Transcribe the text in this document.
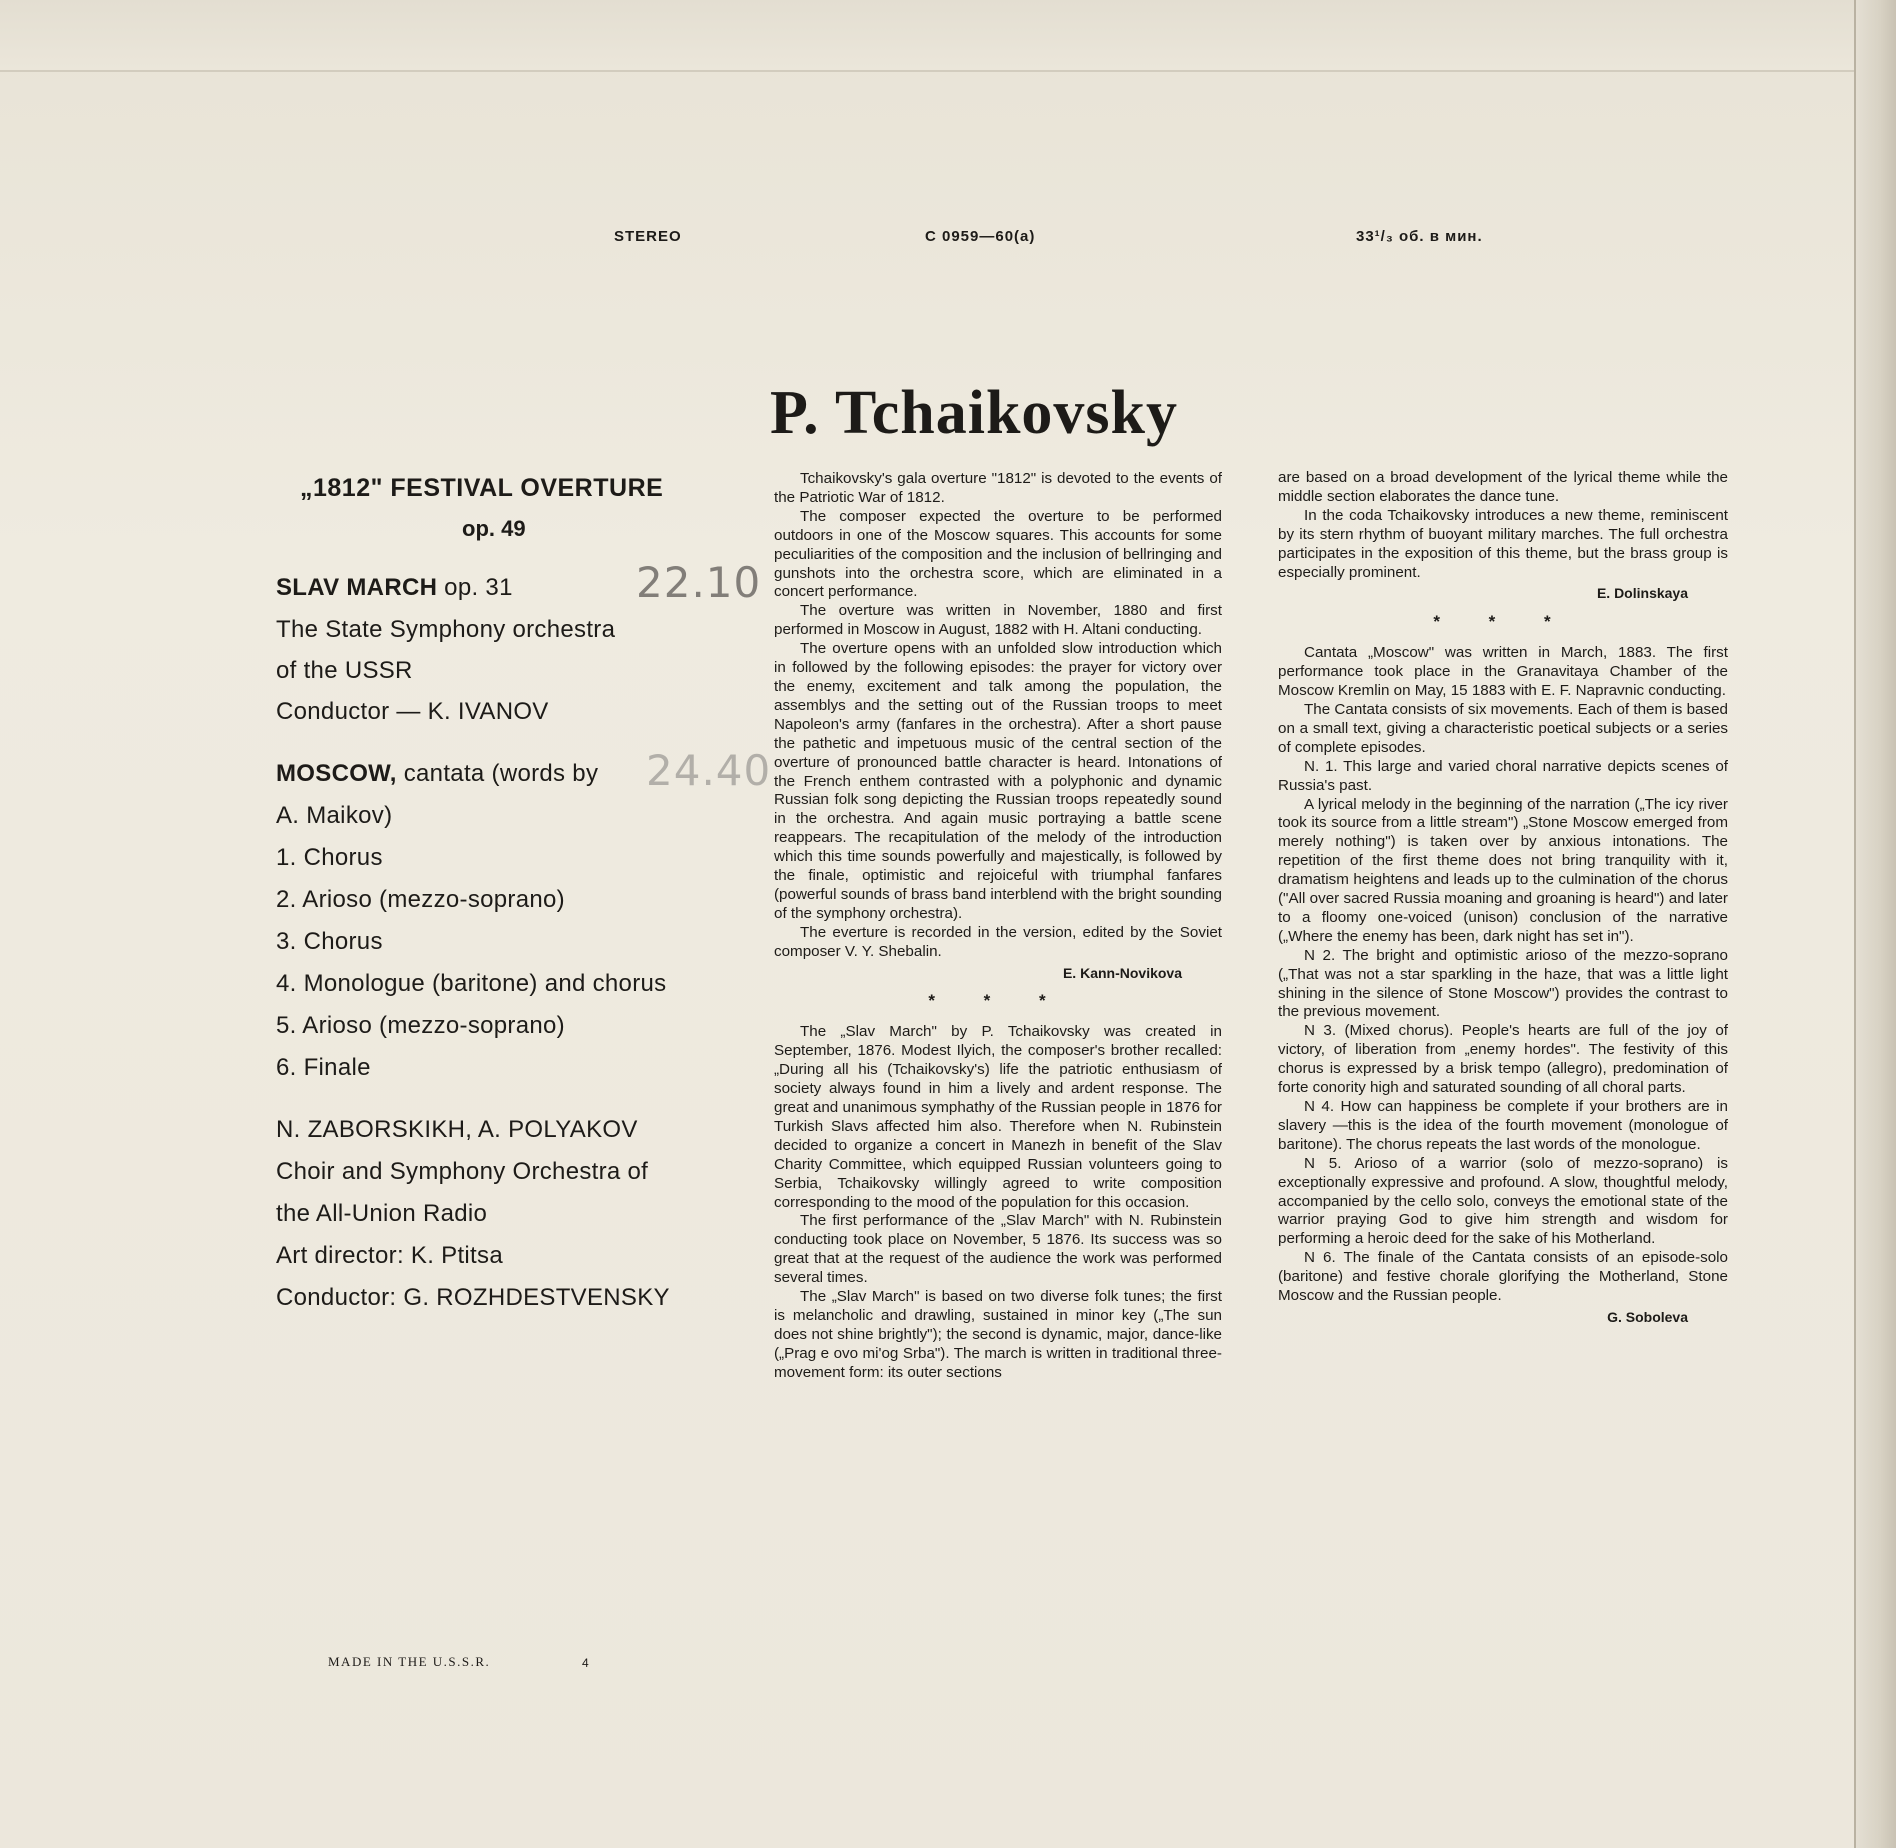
STEREO	С 0959—60(а)	33¹/₃ об. в мин.
P. Tchaikovsky
„1812" FESTIVAL OVERTURE
op. 49
SLAV MARCH op. 31	22.10
The State Symphony orchestra
of the USSR
Conductor — K. IVANOV
MOSCOW, cantata (words by 24.40
A. Maikov)
1. Chorus
2. Arioso (mezzo-soprano)
3. Chorus
4. Monologue (baritone) and chorus
5. Arioso (mezzo-soprano)
6. Finale
N. ZABORSKIKH, A. POLYAKOV
Choir and Symphony Orchestra of
the All-Union Radio
Art director: K. Ptitsa
Conductor: G. ROZHDESTVENSKY

Tchaikovsky's gala overture "1812" is devoted to the events of the Patriotic War of 1812.

The composer expected the overture to be performed outdoors in one of the Moscow squares. This accounts for some peculiarities of the composition and the inclusion of bellringing and gunshots into the orchestra score, which are eliminated in a concert performance.

The overture was written in November, 1880 and first performed in Moscow in August, 1882 with H. Altani conducting.

The overture opens with an unfolded slow introduction which in followed by the following episodes: the prayer for victory over the enemy, excitement and talk among the population, the assemblys and the setting out of the Russian troops to meet Napoleon's army (fanfares in the orchestra). After a short pause the pathetic and impetuous music of the central section of the overture of pronounced battle character is heard. Intonations of the French enthem contrasted with a polyphonic and dynamic Russian folk song depicting the Russian troops repeatedly sound in the orchestra. And again music portraying a battle scene reappears. The recapitulation of the melody of the introduction which this time sounds powerfully and majestically, is followed by the finale, optimistic and rejoiceful with triumphal fanfares (powerful sounds of brass band interblend with the bright sounding of the symphony orchestra).

The everture is recorded in the version, edited by the Soviet composer V. Y. Shebalin.

E. Kann-Novikova
* * *

The „Slav March" by P. Tchaikovsky was created in September, 1876. Modest Ilyich, the composer's brother recalled: „During all his (Tchaikovsky's) life the patriotic enthusiasm of society always found in him a lively and ardent response. The great and unanimous symphathy of the Russian people in 1876 for Turkish Slavs affected him also. Therefore when N. Rubinstein decided to organize a concert in Manezh in benefit of the Slav Charity Committee, which equipped Russian volunteers going to Serbia, Tchaikovsky willingly agreed to write composition corresponding to the mood of the population for this occasion.

The first performance of the „Slav March" with N. Rubinstein conducting took place on November, 5 1876. Its success was so great that at the request of the audience the work was performed several times.

The „Slav March" is based on two diverse folk tunes; the first is melancholic and drawling, sustained in minor key („The sun does not shine brightly"); the second is dynamic, major, dance-like („Prag e ovo mi'og Srba"). The march is written in traditional three-movement form: its outer sections

are based on a broad development of the lyrical theme while the middle section elaborates the dance tune.

In the coda Tchaikovsky introduces a new theme, reminiscent by its stern rhythm of buoyant military marches. The full orchestra participates in the exposition of this theme, but the brass group is especially prominent.

E. Dolinskaya
* * *

Cantata „Moscow" was written in March, 1883. The first performance took place in the Granavitaya Chamber of the Moscow Kremlin on May, 15 1883 with E. F. Napravnic conducting.

The Cantata consists of six movements. Each of them is based on a small text, giving a characteristic poetical subjects or a series of complete episodes.

N. 1. This large and varied choral narrative depicts scenes of Russia's past.

A lyrical melody in the beginning of the narration („The icy river took its source from a little stream") „Stone Moscow emerged from merely nothing") is taken over by anxious intonations. The repetition of the first theme does not bring tranquility with it, dramatism heightens and leads up to the culmination of the chorus ("All over sacred Russia moaning and groaning is heard") and later to a floomy one-voiced (unison) conclusion of the narrative („Where the enemy has been, dark night has set in").

N 2. The bright and optimistic arioso of the mezzo-soprano („That was not a star sparkling in the haze, that was a little light shining in the silence of Stone Moscow") provides the contrast to the previous movement.

N 3. (Mixed chorus). People's hearts are full of the joy of victory, of liberation from „enemy hordes". The festivity of this chorus is expressed by a brisk tempo (allegro), predomination of forte conority high and saturated sounding of all choral parts.

N 4. How can happiness be complete if your brothers are in slavery —this is the idea of the fourth movement (monologue of baritone). The chorus repeats the last words of the monologue.

N 5. Arioso of a warrior (solo of mezzo-soprano) is exceptionally expressive and profound. A slow, thoughtful melody, accompanied by the cello solo, conveys the emotional state of the warrior praying God to give him strength and wisdom for performing a heroic deed for the sake of his Motherland.

N 6. The finale of the Cantata consists of an episode-solo (baritone) and festive chorale glorifying the Motherland, Stone Moscow and the Russian people.

G. Soboleva
MADE IN THE U.S.S.R.	4
